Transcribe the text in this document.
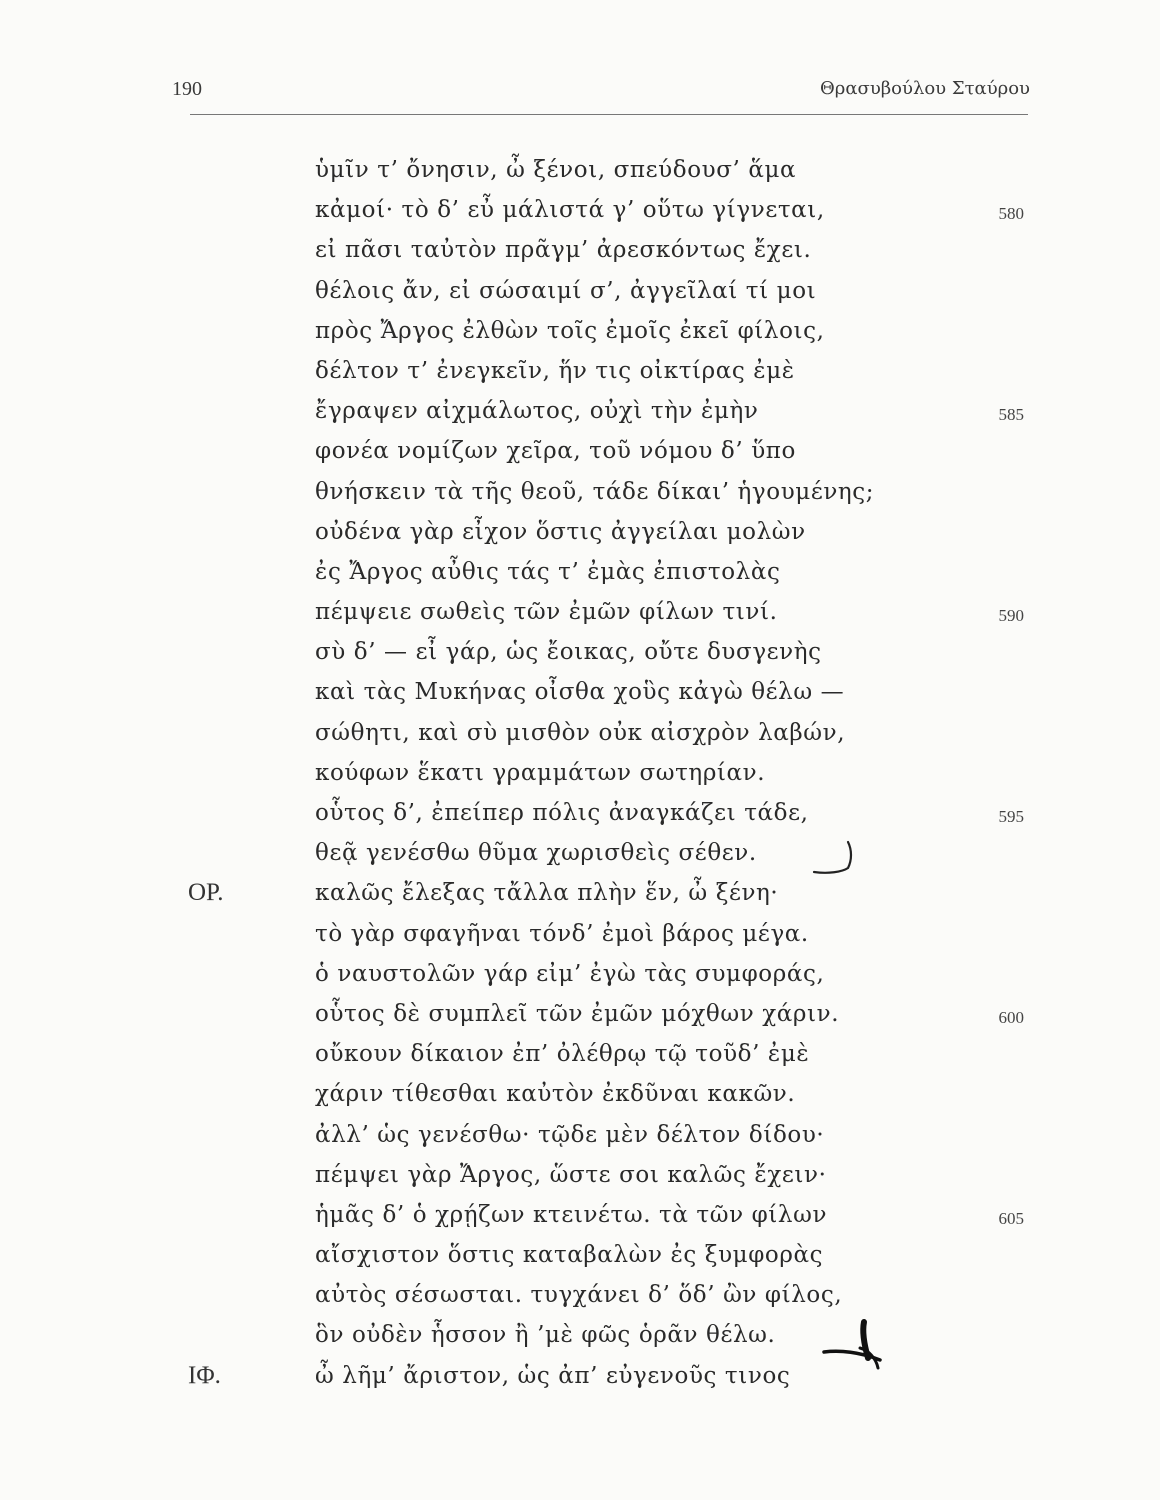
190	Θρασυβούλου Σταύρου
ὑμῖν τ’ ὄνησιν, ὦ ξένοι, σπεύδουσ’ ἅμα
κἀμοί· τὸ δ’ εὖ μάλιστά γ’ οὕτω γίγνεται,	580
εἰ πᾶσι ταὐτὸν πρᾶγμ’ ἀρεσκόντως ἔχει.
θέλοις ἄν, εἰ σώσαιμί σ’, ἀγγεῖλαί τί μοι
πρὸς Ἄργος ἐλθὼν τοῖς ἐμοῖς ἐκεῖ φίλοις,
δέλτον τ’ ἐνεγκεῖν, ἥν τις οἰκτίρας ἐμὲ
ἔγραψεν αἰχμάλωτος, οὐχὶ τὴν ἐμὴν	585
φονέα νομίζων χεῖρα, τοῦ νόμου δ’ ὕπο
θνήσκειν τὰ τῆς θεοῦ, τάδε δίκαι’ ἡγουμένης;
οὐδένα γὰρ εἶχον ὅστις ἀγγείλαι μολὼν
ἐς Ἄργος αὖθις τάς τ’ ἐμὰς ἐπιστολὰς
πέμψειε σωθεὶς τῶν ἐμῶν φίλων τινί.	590
σὺ δ’ — εἶ γάρ, ὡς ἔοικας, οὔτε δυσγενὴς
καὶ τὰς Μυκήνας οἶσθα χοὓς κἀγὼ θέλω —
σώθητι, καὶ σὺ μισθὸν οὐκ αἰσχρὸν λαβών,
κούφων ἕκατι γραμμάτων σωτηρίαν.
οὗτος δ’, ἐπείπερ πόλις ἀναγκάζει τάδε,	595
θεᾷ γενέσθω θῦμα χωρισθεὶς σέθεν.
ΟΡ.	καλῶς ἔλεξας τἄλλα πλὴν ἕν, ὦ ξένη·
τὸ γὰρ σφαγῆναι τόνδ’ ἐμοὶ βάρος μέγα.
ὁ ναυστολῶν γάρ εἰμ’ ἐγὼ τὰς συμφοράς,
οὗτος δὲ συμπλεῖ τῶν ἐμῶν μόχθων χάριν.	600
οὔκουν δίκαιον ἐπ’ ὀλέθρῳ τῷ τοῦδ’ ἐμὲ
χάριν τίθεσθαι καὐτὸν ἐκδῦναι κακῶν.
ἀλλ’ ὡς γενέσθω· τῷδε μὲν δέλτον δίδου·
πέμψει γὰρ Ἄργος, ὥστε σοι καλῶς ἔχειν·
ἡμᾶς δ’ ὁ χρῄζων κτεινέτω. τὰ τῶν φίλων	605
αἴσχιστον ὅστις καταβαλὼν ἐς ξυμφορὰς
αὐτὸς σέσωσται. τυγχάνει δ’ ὅδ’ ὢν φίλος,
ὃν οὐδὲν ἧσσον ἢ ’μὲ φῶς ὁρᾶν θέλω.
ΙΦ.	ὦ λῆμ’ ἄριστον, ὡς ἀπ’ εὐγενοῦς τινος
